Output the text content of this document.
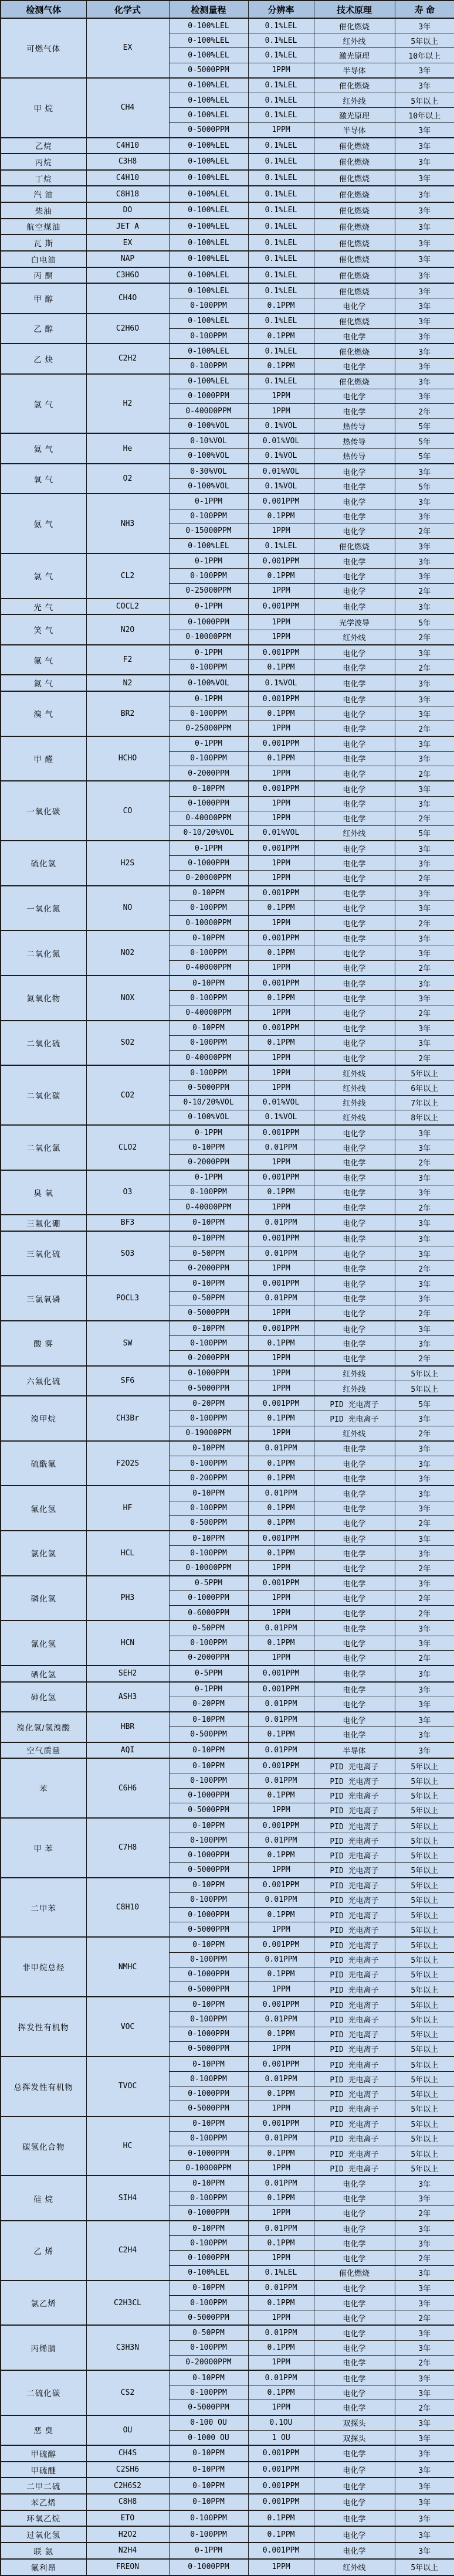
检测气体	化学式	检测量程	分辨率	技术原理	寿 命
可燃气体	EX	0-100%LEL	0.1%LEL	催化燃烧	3年
		0-100%LEL	0.1%LEL	红外线	5年以上
		0-100%LEL	0.1%LEL	激光原理	10年以上
		0-5000PPM	1PPM	半导体	3年
甲 烷	CH4	0-100%LEL	0.1%LEL	催化燃烧	3年
		0-100%LEL	0.1%LEL	红外线	5年以上
		0-100%LEL	0.1%LEL	激光原理	10年以上
		0-5000PPM	1PPM	半导体	3年
乙烷	C4H10	0-100%LEL	0.1%LEL	催化燃烧	3年
丙烷	C3H8	0-100%LEL	0.1%LEL	催化燃烧	3年
丁烷	C4H10	0-100%LEL	0.1%LEL	催化燃烧	3年
汽 油	C8H18	0-100%LEL	0.1%LEL	催化燃烧	3年
柴油	DO	0-100%LEL	0.1%LEL	催化燃烧	3年
航空煤油	JET A	0-100%LEL	0.1%LEL	催化燃烧	3年
瓦 斯	EX	0-100%LEL	0.1%LEL	催化燃烧	3年
白电油	NAP	0-100%LEL	0.1%LEL	催化燃烧	3年
丙 酮	C3H6O	0-100%LEL	0.1%LEL	催化燃烧	3年
甲 醇	CH4O	0-100%LEL	0.1%LEL	催化燃烧	3年
		0-100PPM	0.1PPM	电化学	3年
乙 醇	C2H6O	0-100%LEL	0.1%LEL	催化燃烧	3年
		0-100PPM	0.1PPM	电化学	3年
乙 炔	C2H2	0-100%LEL	0.1%LEL	催化燃烧	3年
		0-100PPM	0.1PPM	电化学	3年
氢 气	H2	0-100%LEL	0.1%LEL	催化燃烧	3年
		0-1000PPM	1PPM	电化学	3年
		0-40000PPM	1PPM	电化学	2年
		0-100%VOL	0.1%VOL	热传导	5年
氦 气	He	0-10%VOL	0.01%VOL	热传导	5年
		0-100%VOL	0.1%VOL	热传导	5年
氧 气	O2	0-30%VOL	0.01%VOL	电化学	3年
		0-100%VOL	0.1%VOL	电化学	5年
氨 气	NH3	0-1PPM	0.001PPM	电化学	3年
		0-100PPM	0.1PPM	电化学	3年
		0-15000PPM	1PPM	电化学	2年
		0-100%LEL	0.1%LEL	催化燃烧	3年
氯 气	CL2	0-1PPM	0.001PPM	电化学	3年
		0-100PPM	0.1PPM	电化学	3年
		0-25000PPM	1PPM	电化学	2年
光 气	COCL2	0-1PPM	0.001PPM	电化学	3年
笑 气	N2O	0-1000PPM	1PPM	光学波导	5年
		0-10000PPM	1PPM	红外线	2年
氟 气	F2	0-1PPM	0.001PPM	电化学	3年
		0-100PPM	0.1PPM	电化学	2年
氮 气	N2	0-100%VOL	0.1%VOL	电化学	3年
溴 气	BR2	0-1PPM	0.001PPM	电化学	3年
		0-100PPM	0.1PPM	电化学	3年
		0-25000PPM	1PPM	电化学	2年
甲 醛	HCHO	0-1PPM	0.001PPM	电化学	3年
		0-100PPM	0.1PPM	电化学	3年
		0-2000PPM	1PPM	电化学	2年
一氧化碳	CO	0-10PPM	0.001PPM	电化学	3年
		0-1000PPM	1PPM	电化学	3年
		0-40000PPM	1PPM	电化学	2年
		0-10/20%VOL	0.01%VOL	红外线	5年
硫化氢	H2S	0-1PPM	0.001PPM	电化学	3年
		0-1000PPM	1PPM	电化学	3年
		0-20000PPM	1PPM	电化学	2年
一氧化氮	NO	0-10PPM	0.001PPM	电化学	3年
		0-100PPM	0.1PPM	电化学	3年
		0-10000PPM	1PPM	电化学	2年
二氧化氮	NO2	0-10PPM	0.001PPM	电化学	3年
		0-100PPM	0.1PPM	电化学	3年
		0-40000PPM	1PPM	电化学	2年
氮氧化物	NOX	0-10PPM	0.001PPM	电化学	3年
		0-100PPM	0.1PPM	电化学	3年
		0-40000PPM	1PPM	电化学	2年
二氧化硫	SO2	0-10PPM	0.001PPM	电化学	3年
		0-100PPM	0.1PPM	电化学	3年
		0-40000PPM	1PPM	电化学	2年
二氧化碳	CO2	0-100PPM	1PPM	红外线	5年以上
		0-5000PPM	1PPM	红外线	6年以上
		0-10/20%VOL	0.01%VOL	红外线	7年以上
		0-100%VOL	0.1%VOL	红外线	8年以上
二氧化氯	CLO2	0-1PPM	0.001PPM	电化学	3年
		0-10PPM	0.01PPM	电化学	3年
		0-2000PPM	1PPM	电化学	2年
臭 氧	O3	0-1PPM	0.001PPM	电化学	3年
		0-100PPM	0.1PPM	电化学	3年
		0-40000PPM	1PPM	电化学	2年
三氟化硼	BF3	0-10PPM	0.01PPM	电化学	3年
三氧化硫	SO3	0-10PPM	0.001PPM	电化学	3年
		0-50PPM	0.01PPM	电化学	3年
		0-2000PPM	1PPM	电化学	2年
三氯氧磷	POCL3	0-10PPM	0.001PPM	电化学	3年
		0-50PPM	0.01PPM	电化学	3年
		0-5000PPM	1PPM	电化学	2年
酸 雾	SW	0-10PPM	0.001PPM	电化学	3年
		0-100PPM	0.1PPM	电化学	3年
		0-2000PPM	1PPM	电化学	2年
六氟化硫	SF6	0-1000PPM	1PPM	红外线	5年以上
		0-5000PPM	1PPM	红外线	5年以上
溴甲烷	CH3Br	0-20PPM	0.001PPM	PID 光电离子	5年
		0-100PPM	0.1PPM	PID 光电离子	3年
		0-19000PPM	1PPM	红外线	2年
硫酰氟	F2O2S	0-10PPM	0.01PPM	电化学	3年
		0-100PPM	0.1PPM	电化学	3年
		0-200PPM	0.1PPM	电化学	3年
氟化氢	HF	0-10PPM	0.01PPM	电化学	3年
		0-100PPM	0.1PPM	电化学	3年
		0-500PPM	0.1PPM	电化学	2年
氯化氢	HCL	0-10PPM	0.001PPM	电化学	3年
		0-100PPM	0.1PPM	电化学	3年
		0-10000PPM	1PPM	电化学	2年
磷化氢	PH3	0-5PPM	0.001PPM	电化学	3年
		0-1000PPM	1PPM	电化学	2年
		0-6000PPM	1PPM	电化学	2年
氰化氢	HCN	0-50PPM	0.01PPM	电化学	3年
		0-100PPM	0.1PPM	电化学	3年
		0-2000PPM	1PPM	电化学	2年
硒化氢	SEH2	0-5PPM	0.001PPM	电化学	3年
砷化氢	ASH3	0-1PPM	0.001PPM	电化学	3年
		0-20PPM	0.01PPM	电化学	3年
溴化氢/氢溴酸	HBR	0-10PPM	0.01PPM	电化学	3年
		0-500PPM	0.1PPM	电化学	3年
空气质量	AQI	0-10PPM	0.01PPM	半导体	3年
苯	C6H6	0-10PPM	0.001PPM	PID 光电离子	5年以上
		0-100PPM	0.01PPM	PID 光电离子	5年以上
		0-1000PPM	0.1PPM	PID 光电离子	5年以上
		0-5000PPM	1PPM	PID 光电离子	5年以上
甲 苯	C7H8	0-10PPM	0.001PPM	PID 光电离子	5年以上
		0-100PPM	0.01PPM	PID 光电离子	5年以上
		0-1000PPM	0.1PPM	PID 光电离子	5年以上
		0-5000PPM	1PPM	PID 光电离子	5年以上
二甲苯	C8H10	0-10PPM	0.001PPM	PID 光电离子	5年以上
		0-100PPM	0.01PPM	PID 光电离子	5年以上
		0-1000PPM	0.1PPM	PID 光电离子	5年以上
		0-5000PPM	1PPM	PID 光电离子	5年以上
非甲烷总烃	NMHC	0-10PPM	0.001PPM	PID 光电离子	5年以上
		0-100PPM	0.01PPM	PID 光电离子	5年以上
		0-1000PPM	0.1PPM	PID 光电离子	5年以上
		0-5000PPM	1PPM	PID 光电离子	5年以上
挥发性有机物	VOC	0-10PPM	0.001PPM	PID 光电离子	5年以上
		0-100PPM	0.01PPM	PID 光电离子	5年以上
		0-1000PPM	0.1PPM	PID 光电离子	5年以上
		0-5000PPM	1PPM	PID 光电离子	5年以上
总挥发性有机物	TVOC	0-10PPM	0.001PPM	PID 光电离子	5年以上
		0-100PPM	0.01PPM	PID 光电离子	5年以上
		0-1000PPM	0.1PPM	PID 光电离子	5年以上
		0-5000PPM	1PPM	PID 光电离子	5年以上
碳氢化合物	HC	0-10PPM	0.001PPM	PID 光电离子	5年以上
		0-100PPM	0.01PPM	PID 光电离子	5年以上
		0-1000PPM	0.1PPM	PID 光电离子	5年以上
		0-10000PPM	1PPM	PID 光电离子	5年以上
硅 烷	SIH4	0-10PPM	0.01PPM	电化学	3年
		0-100PPM	0.1PPM	电化学	3年
		0-1000PPM	1PPM	电化学	2年
乙 烯	C2H4	0-10PPM	0.01PPM	电化学	3年
		0-100PPM	0.1PPM	电化学	3年
		0-1000PPM	1PPM	电化学	2年
		0-100%LEL	0.1%LEL	催化燃烧	3年
氯乙烯	C2H3CL	0-10PPM	0.01PPM	电化学	3年
		0-100PPM	0.1PPM	电化学	3年
		0-5000PPM	1PPM	电化学	2年
丙烯腈	C3H3N	0-50PPM	0.01PPM	电化学	3年
		0-100PPM	0.1PPM	电化学	3年
		0-20000PPM	1PPM	电化学	2年
二硫化碳	CS2	0-10PPM	0.01PPM	电化学	3年
		0-100PPM	0.1PPM	电化学	3年
		0-5000PPM	1PPM	电化学	2年
恶 臭	OU	0-100 OU	0.1OU	双探头	3年
		0-1000 OU	1 OU	双探头	3年
甲硫醇	CH4S	0-10PPM	0.001PPM	电化学	3年
甲硫醚	C2SH6	0-10PPM	0.001PPM	电化学	3年
二甲二硫	C2H6S2	0-10PPM	0.001PPM	电化学	3年
苯乙烯	C8H8	0-10PPM	0.001PPM	电化学	3年
环氧乙烷	ETO	0-100PPM	0.1PPM	电化学	3年
过氧化氢	H2O2	0-100PPM	0.1PPM	电化学	3年
联 氨	N2H4	0-1PPM	0.001PPM	电化学	3年
氟利昂	FREON	0-1000PPM	1PPM	红外线	5年以上
